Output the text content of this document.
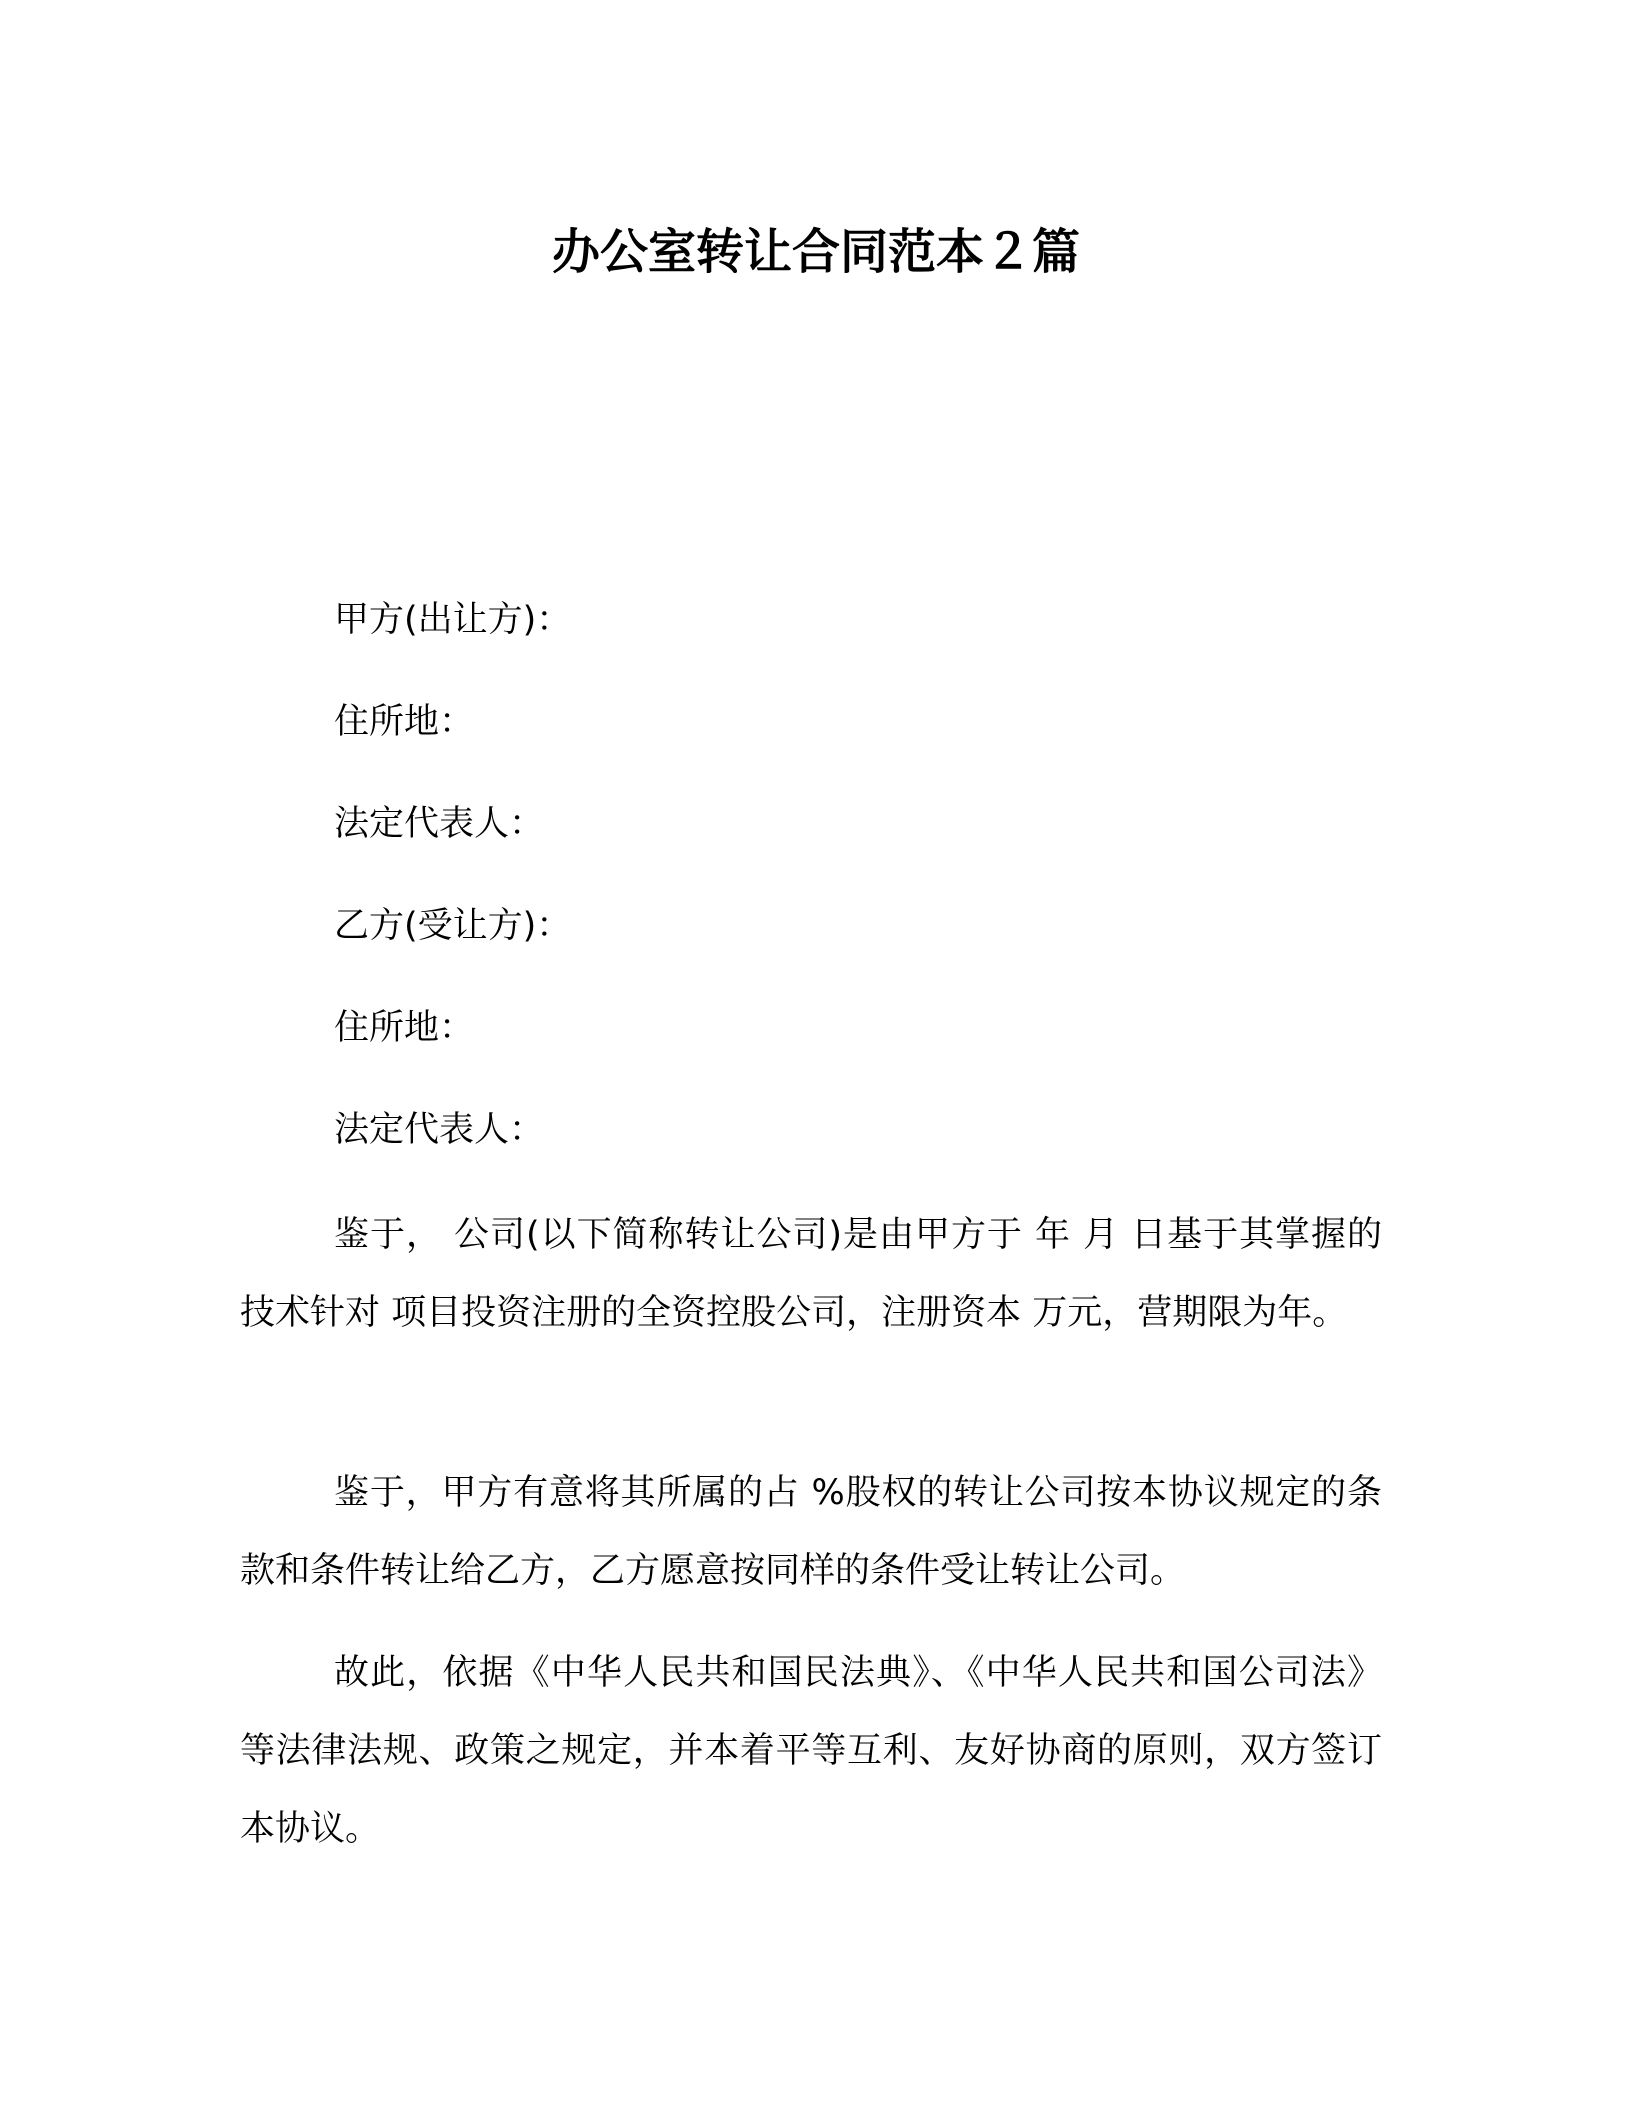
办公室转让合同范本２篇
甲方(出让方)：
住所地：
法定代表人：
乙方(受让方)：
住所地：
法定代表人：

鉴于， 公司(以下简称转让公司)是由甲方于 年 月 日基于其掌握的 技术针对 项目投资注册的全资控股公司，注册资本 万元，营期限为年。

鉴于，甲方有意将其所属的占 %股权的转让公司按本协议规定的条款和条件转让给乙方，乙方愿意按同样的条件受让转让公司。

故此，依据《中华人民共和国民法典》、《中华人民共和国公司法》等法律法规、政策之规定，并本着平等互利、友好协商的原则，双方签订本协议。
